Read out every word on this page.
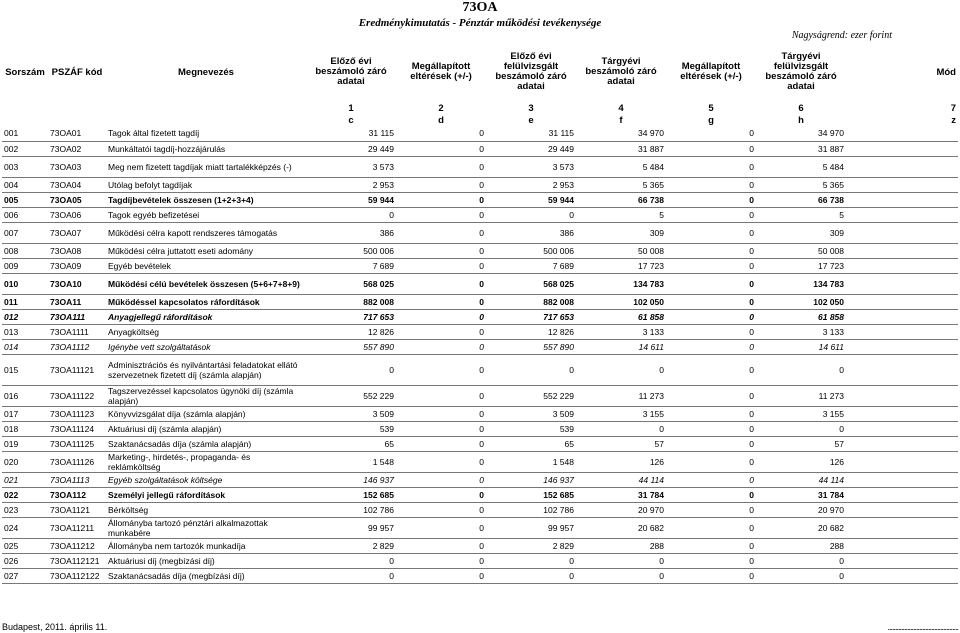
73OA
Eredménykimutatás - Pénztár működési tevékenysége
Nagyságrend: ezer forint
Sorszám	PSZÁF kód	Megnevezés	Előző évi beszámoló záró adatai	Megállapított eltérések (+/-)	Előző évi felülvizsgált beszámoló záró adatai	Tárgyévi beszámoló záró adatai	Megállapított eltérések (+/-)	Tárgyévi felülvizsgált beszámoló záró adatai	Mód
			1	2	3	4	5	6	7
			c	d	e	f	g	h	z
001	73OA01	Tagok által fizetett tagdíj	31 115	0	31 115	34 970	0	34 970	
002	73OA02	Munkáltatói tagdíj-hozzájárulás	29 449	0	29 449	31 887	0	31 887	
003	73OA03	Meg nem fizetett tagdíjak miatt tartalékképzés (-)	3 573	0	3 573	5 484	0	5 484	
004	73OA04	Utólag befolyt tagdíjak	2 953	0	2 953	5 365	0	5 365	
005	73OA05	Tagdíjbevételek összesen (1+2+3+4)	59 944	0	59 944	66 738	0	66 738	
006	73OA06	Tagok egyéb befizetései	0	0	0	5	0	5	
007	73OA07	Működési célra kapott rendszeres támogatás	386	0	386	309	0	309	
008	73OA08	Működési célra juttatott eseti adomány	500 006	0	500 006	50 008	0	50 008	
009	73OA09	Egyéb bevételek	7 689	0	7 689	17 723	0	17 723	
010	73OA10	Működési célú bevételek összesen (5+6+7+8+9)	568 025	0	568 025	134 783	0	134 783	
011	73OA11	Működéssel kapcsolatos ráfordítások	882 008	0	882 008	102 050	0	102 050	
012	73OA111	Anyagjellegű ráfordítások	717 653	0	717 653	61 858	0	61 858	
013	73OA1111	Anyagköltség	12 826	0	12 826	3 133	0	3 133	
014	73OA1112	Igénybe vett szolgáltatások	557 890	0	557 890	14 611	0	14 611	
015	73OA11121	Adminisztrációs és nyilvántartási feladatokat ellátó szervezetnek fizetett díj (számla alapján)	0	0	0	0	0	0	
016	73OA11122	Tagszervezéssel kapcsolatos ügynöki díj (számla alapján)	552 229	0	552 229	11 273	0	11 273	
017	73OA11123	Könyvvizsgálat díja (számla alapján)	3 509	0	3 509	3 155	0	3 155	
018	73OA11124	Aktuáriusi díj (számla alapján)	539	0	539	0	0	0	
019	73OA11125	Szaktanácsadás díja (számla alapján)	65	0	65	57	0	57	
020	73OA11126	Marketing-, hirdetés-, propaganda- és reklámköltség	1 548	0	1 548	126	0	126	
021	73OA1113	Egyéb szolgáltatások költsége	146 937	0	146 937	44 114	0	44 114	
022	73OA112	Személyi jellegű ráfordítások	152 685	0	152 685	31 784	0	31 784	
023	73OA1121	Bérköltség	102 786	0	102 786	20 970	0	20 970	
024	73OA11211	Állományba tartozó pénztári alkalmazottak munkabére	99 957	0	99 957	20 682	0	20 682	
025	73OA11212	Állományba nem tartozók munkadíja	2 829	0	2 829	288	0	288	
026	73OA112121	Aktuáriusi díj (megbízási díj)	0	0	0	0	0	0	
027	73OA112122	Szaktanácsadás díja (megbízási díj)	0	0	0	0	0	0	
Budapest, 2011. április 11.	...............................................
